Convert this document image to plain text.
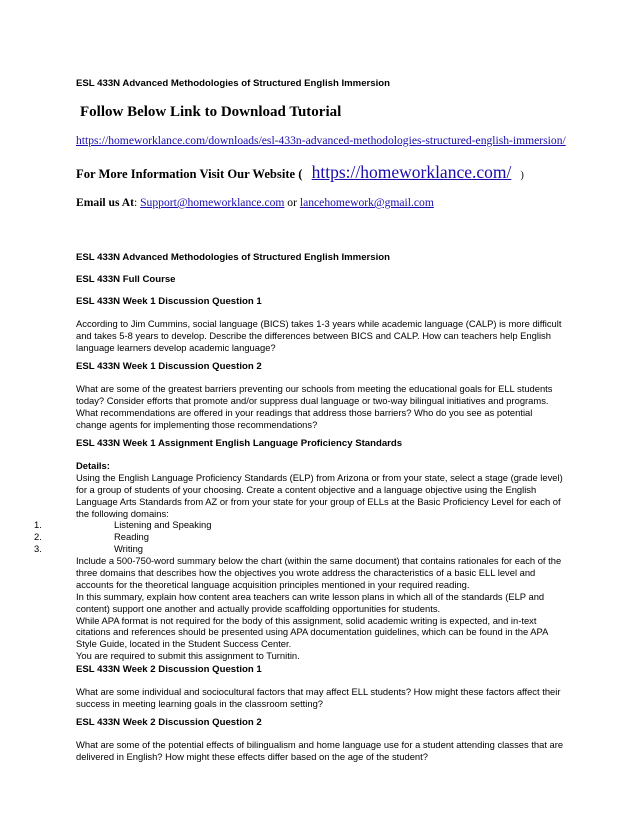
ESL 433N Advanced Methodologies of Structured English Immersion
Follow Below Link to Download Tutorial
https://homeworklance.com/downloads/esl-433n-advanced-methodologies-structured-english-immersion/
For More Information Visit Our Website ( https://homeworklance.com/ )
Email us At: Support@homeworklance.com or lancehomework@gmail.com
ESL 433N Advanced Methodologies of Structured English Immersion
ESL 433N Full Course
ESL 433N Week 1 Discussion Question 1
According to Jim Cummins, social language (BICS) takes 1-3 years while academic language (CALP) is more difficult
and takes 5-8 years to develop. Describe the differences between BICS and CALP. How can teachers help English
language learners develop academic language?
ESL 433N Week 1 Discussion Question 2
What are some of the greatest barriers preventing our schools from meeting the educational goals for ELL students
today? Consider efforts that promote and/or suppress dual language or two-way bilingual initiatives and programs.
What recommendations are offered in your readings that address those barriers? Who do you see as potential
change agents for implementing those recommendations?
ESL 433N Week 1 Assignment English Language Proficiency Standards
Details:
Using the English Language Proficiency Standards (ELP) from Arizona or from your state, select a stage (grade level)
for a group of students of your choosing. Create a content objective and a language objective using the English
Language Arts Standards from AZ or from your state for your group of ELLs at the Basic Proficiency Level for each of
the following domains:
1.	Listening and Speaking
2.	Reading
3.	Writing
Include a 500-750-word summary below the chart (within the same document) that contains rationales for each of the
three domains that describes how the objectives you wrote address the characteristics of a basic ELL level and
accounts for the theoretical language acquisition principles mentioned in your required reading.
In this summary, explain how content area teachers can write lesson plans in which all of the standards (ELP and
content) support one another and actually provide scaffolding opportunities for students.
While APA format is not required for the body of this assignment, solid academic writing is expected, and in-text
citations and references should be presented using APA documentation guidelines, which can be found in the APA
Style Guide, located in the Student Success Center.
You are required to submit this assignment to Turnitin.
ESL 433N Week 2 Discussion Question 1
What are some individual and sociocultural factors that may affect ELL students? How might these factors affect their
success in meeting learning goals in the classroom setting?
ESL 433N Week 2 Discussion Question 2
What are some of the potential effects of bilingualism and home language use for a student attending classes that are
delivered in English? How might these effects differ based on the age of the student?
